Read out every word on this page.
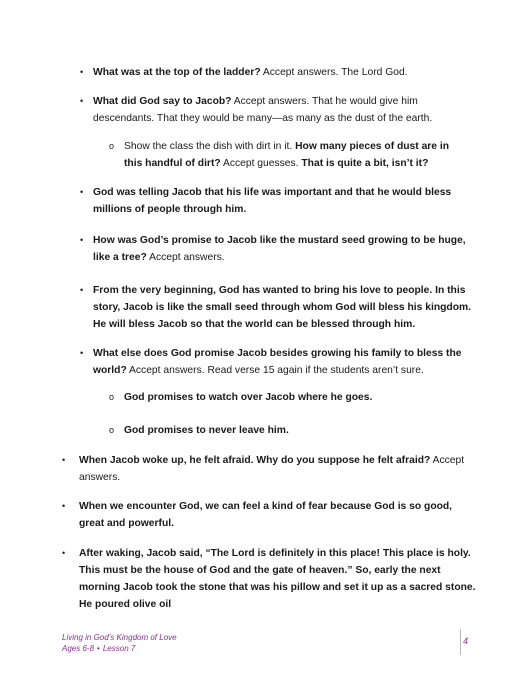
• What was at the top of the ladder? Accept answers. The Lord God.
• What did God say to Jacob? Accept answers. That he would give him descendants. That they would be many—as many as the dust of the earth.
o Show the class the dish with dirt in it. How many pieces of dust are in this handful of dirt? Accept guesses. That is quite a bit, isn’t it?
• God was telling Jacob that his life was important and that he would bless millions of people through him.
• How was God’s promise to Jacob like the mustard seed growing to be huge, like a tree? Accept answers.
• From the very beginning, God has wanted to bring his love to people. In this story, Jacob is like the small seed through whom God will bless his kingdom. He will bless Jacob so that the world can be blessed through him.
• What else does God promise Jacob besides growing his family to bless the world? Accept answers. Read verse 15 again if the students aren’t sure.
o God promises to watch over Jacob where he goes.
o God promises to never leave him.
• When Jacob woke up, he felt afraid. Why do you suppose he felt afraid? Accept answers.
• When we encounter God, we can feel a kind of fear because God is so good, great and powerful.
• After waking, Jacob said, “The Lord is definitely in this place! This place is holy. This must be the house of God and the gate of heaven.” So, early the next morning Jacob took the stone that was his pillow and set it up as a sacred stone. He poured olive oil
Living in God’s Kingdom of Love
Ages 6-8 • Lesson 7
4
